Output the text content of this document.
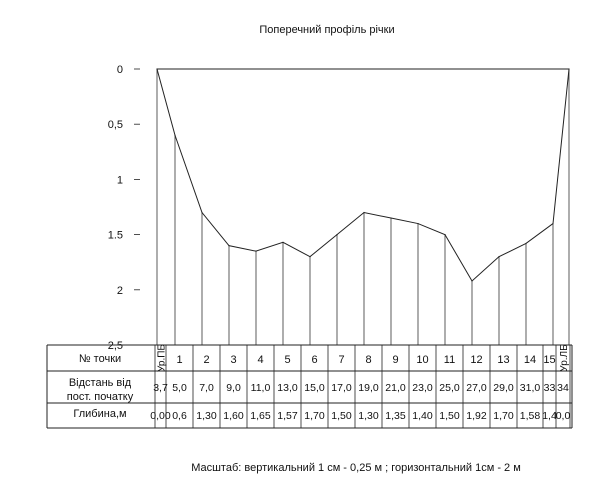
Поперечний профіль річки
№ точки
Відстань від
пост. початку
Глибина,м
Масштаб: вертикальний 1 см - 0,25 м ; горизонтальний 1см - 2 м
0
0,5
1
1.5
2
2,5	Ур.ПБ 1 2 3 4 5 6 7 8 9 10 11 12 13 14 15 Ур.ЛБ
3,7 5,0 7,0 9,0 11,0 13,0 15,0 17,0 19,0 21,0 23,0 25,0 27,0 29,0 31,0 33 34
0,00 0,6 1,30 1,60 1,65 1,57 1,70 1,50 1,30 1,35 1,40 1,50 1,92 1,70 1,58 1,4
0,0
